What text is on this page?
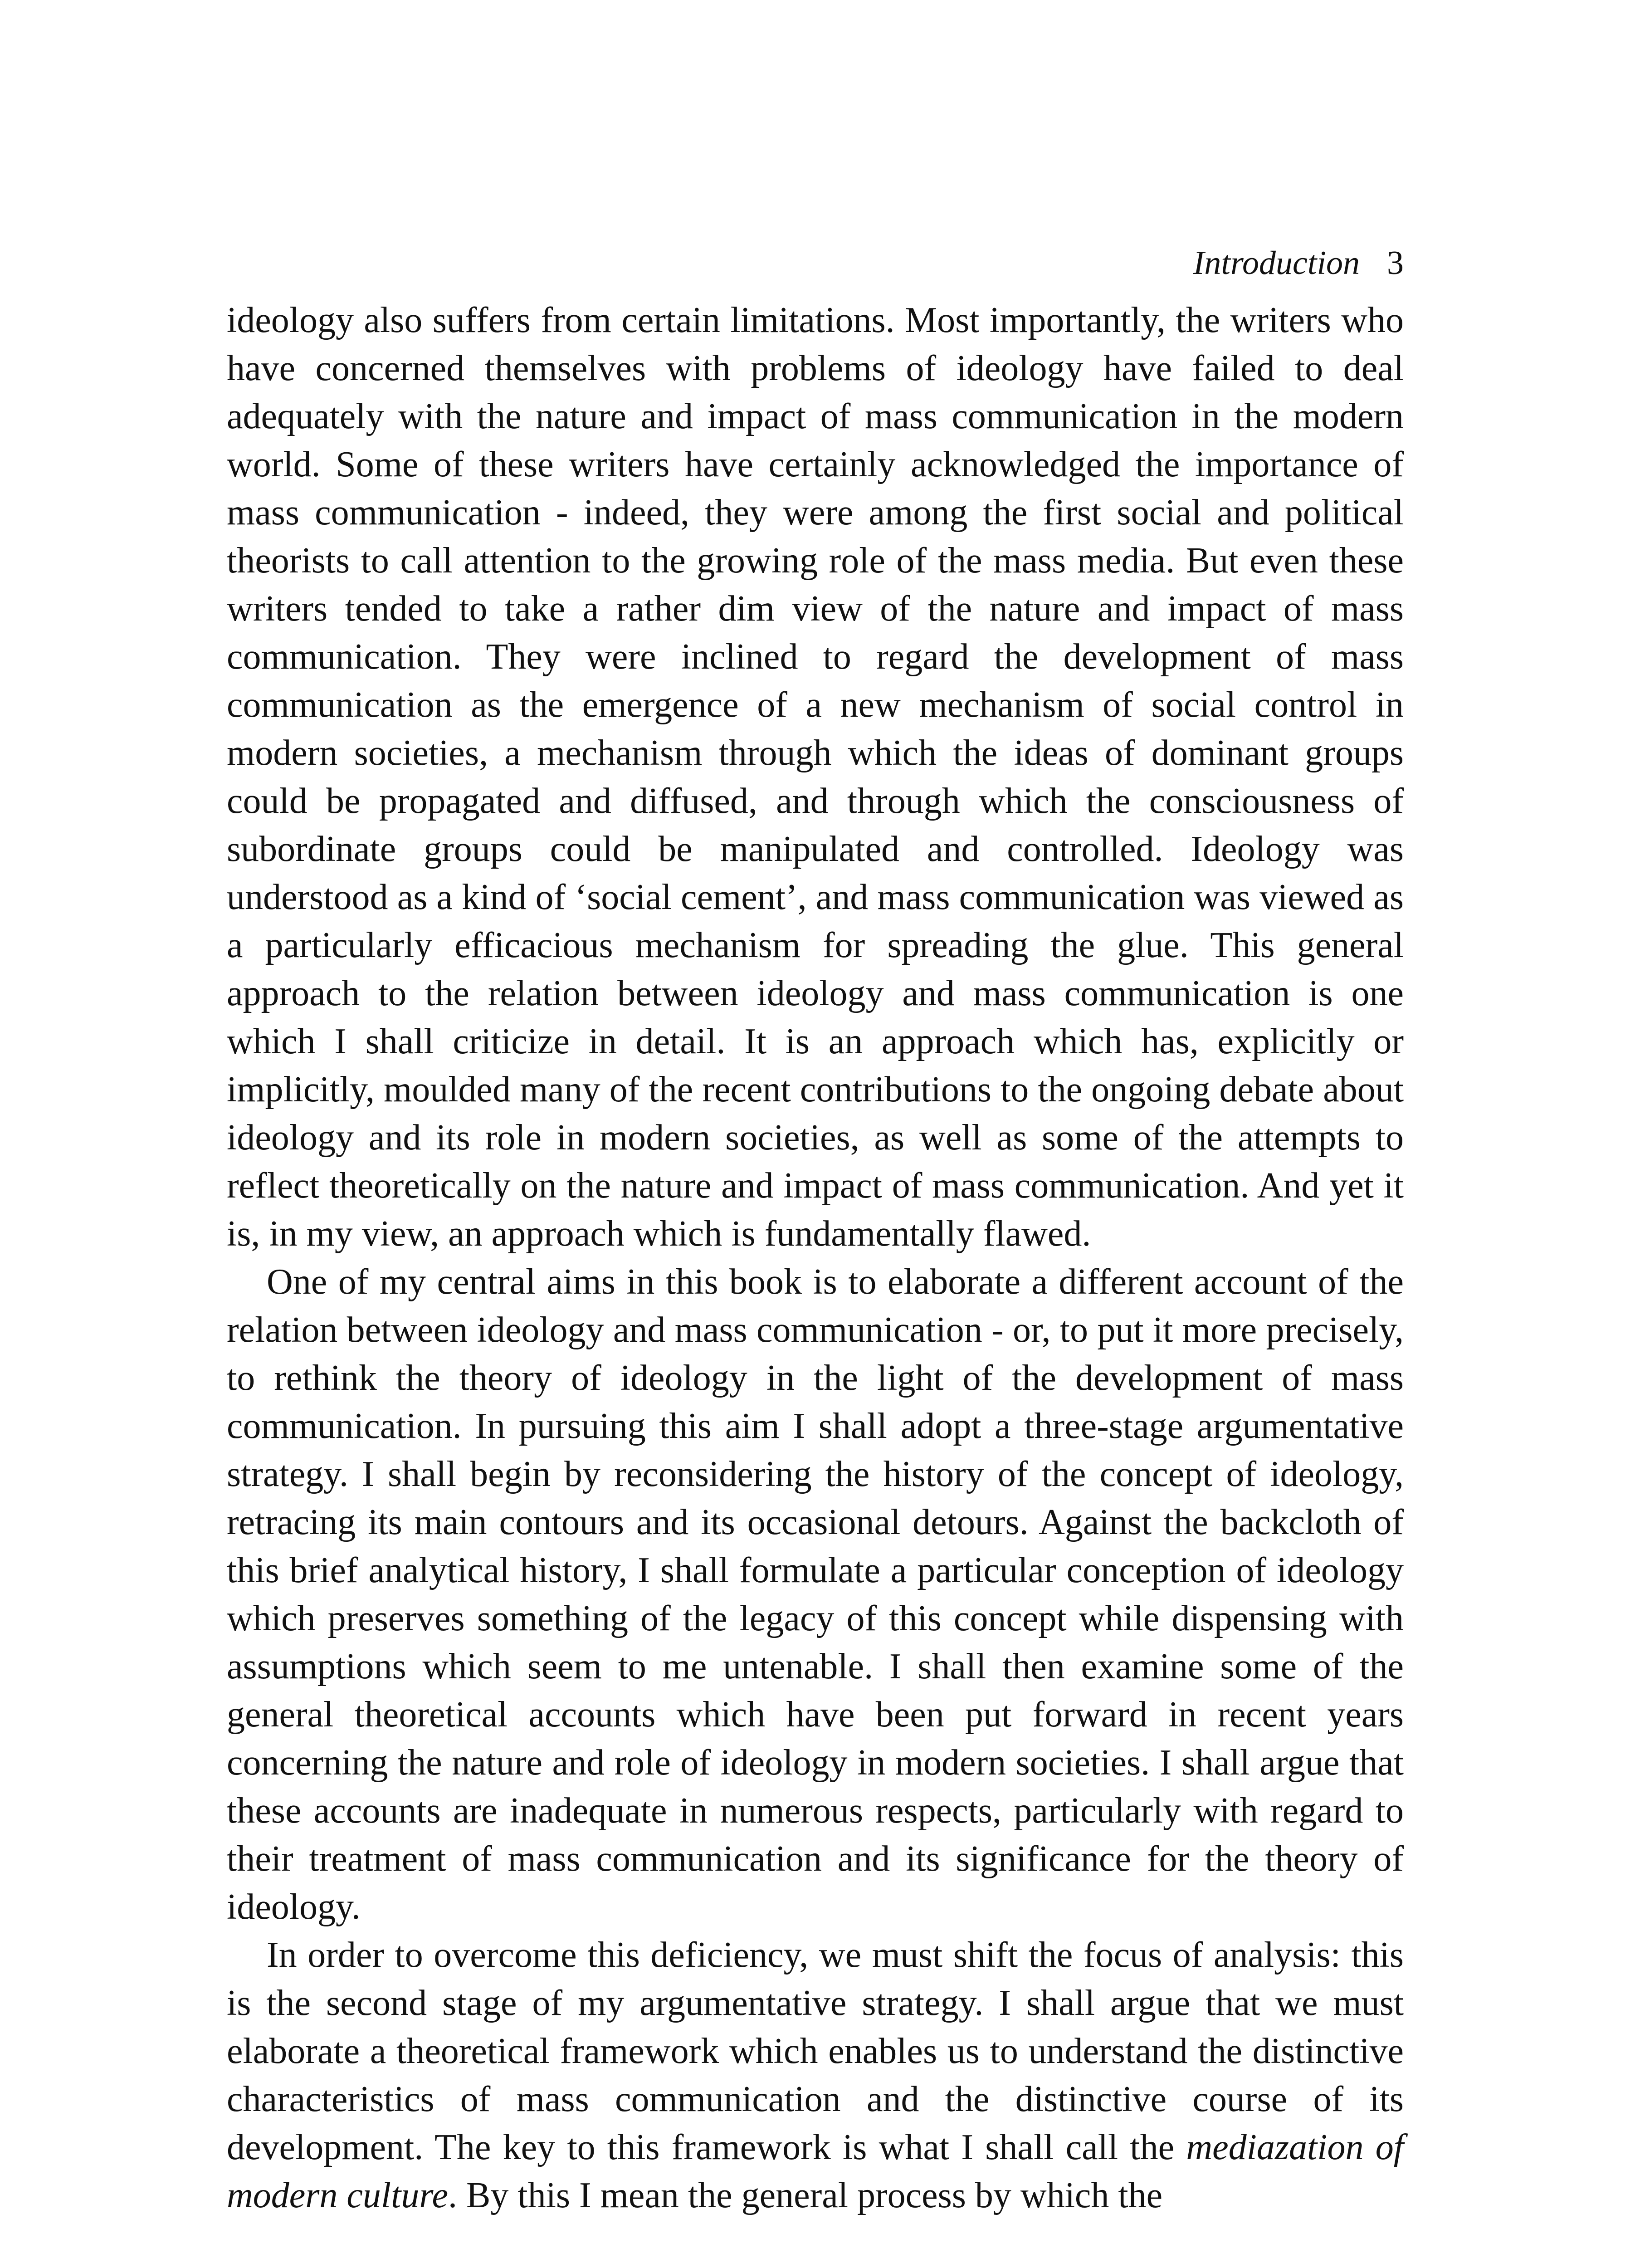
Introduction 3

ideology also suffers from certain limitations. Most importantly, the writers who have concerned themselves with problems of ideology have failed to deal adequately with the nature and impact of mass communication in the modern world. Some of these writers have certainly acknowledged the importance of mass communication - indeed, they were among the first social and political theorists to call attention to the growing role of the mass media. But even these writers tended to take a rather dim view of the nature and impact of mass communication. They were inclined to regard the development of mass communication as the emergence of a new mechanism of social control in modern societies, a mechanism through which the ideas of dominant groups could be propagated and diffused, and through which the consciousness of subordinate groups could be manipulated and controlled. Ideology was understood as a kind of ‘social cement’, and mass communication was viewed as a particularly efficacious mechanism for spreading the glue. This general approach to the relation between ideology and mass communication is one which I shall criticize in detail. It is an approach which has, explicitly or implicitly, moulded many of the recent contributions to the ongoing debate about ideology and its role in modern societies, as well as some of the attempts to reflect theoretically on the nature and impact of mass communication. And yet it is, in my view, an approach which is fundamentally flawed.

One of my central aims in this book is to elaborate a different account of the relation between ideology and mass communication - or, to put it more precisely, to rethink the theory of ideology in the light of the development of mass communication. In pursuing this aim I shall adopt a three-stage argumentative strategy. I shall begin by reconsidering the history of the concept of ideology, retracing its main contours and its occasional detours. Against the backcloth of this brief analytical history, I shall formulate a particular conception of ideology which preserves something of the legacy of this concept while dispensing with assumptions which seem to me untenable. I shall then examine some of the general theoretical accounts which have been put forward in recent years concerning the nature and role of ideology in modern societies. I shall argue that these accounts are inadequate in numerous respects, particularly with regard to their treatment of mass communication and its significance for the theory of ideology.

In order to overcome this deficiency, we must shift the focus of analysis: this is the second stage of my argumentative strategy. I shall argue that we must elaborate a theoretical framework which enables us to understand the distinctive characteristics of mass communication and the distinctive course of its development. The key to this framework is what I shall call the mediazation of modern culture. By this I mean the general process by which the
